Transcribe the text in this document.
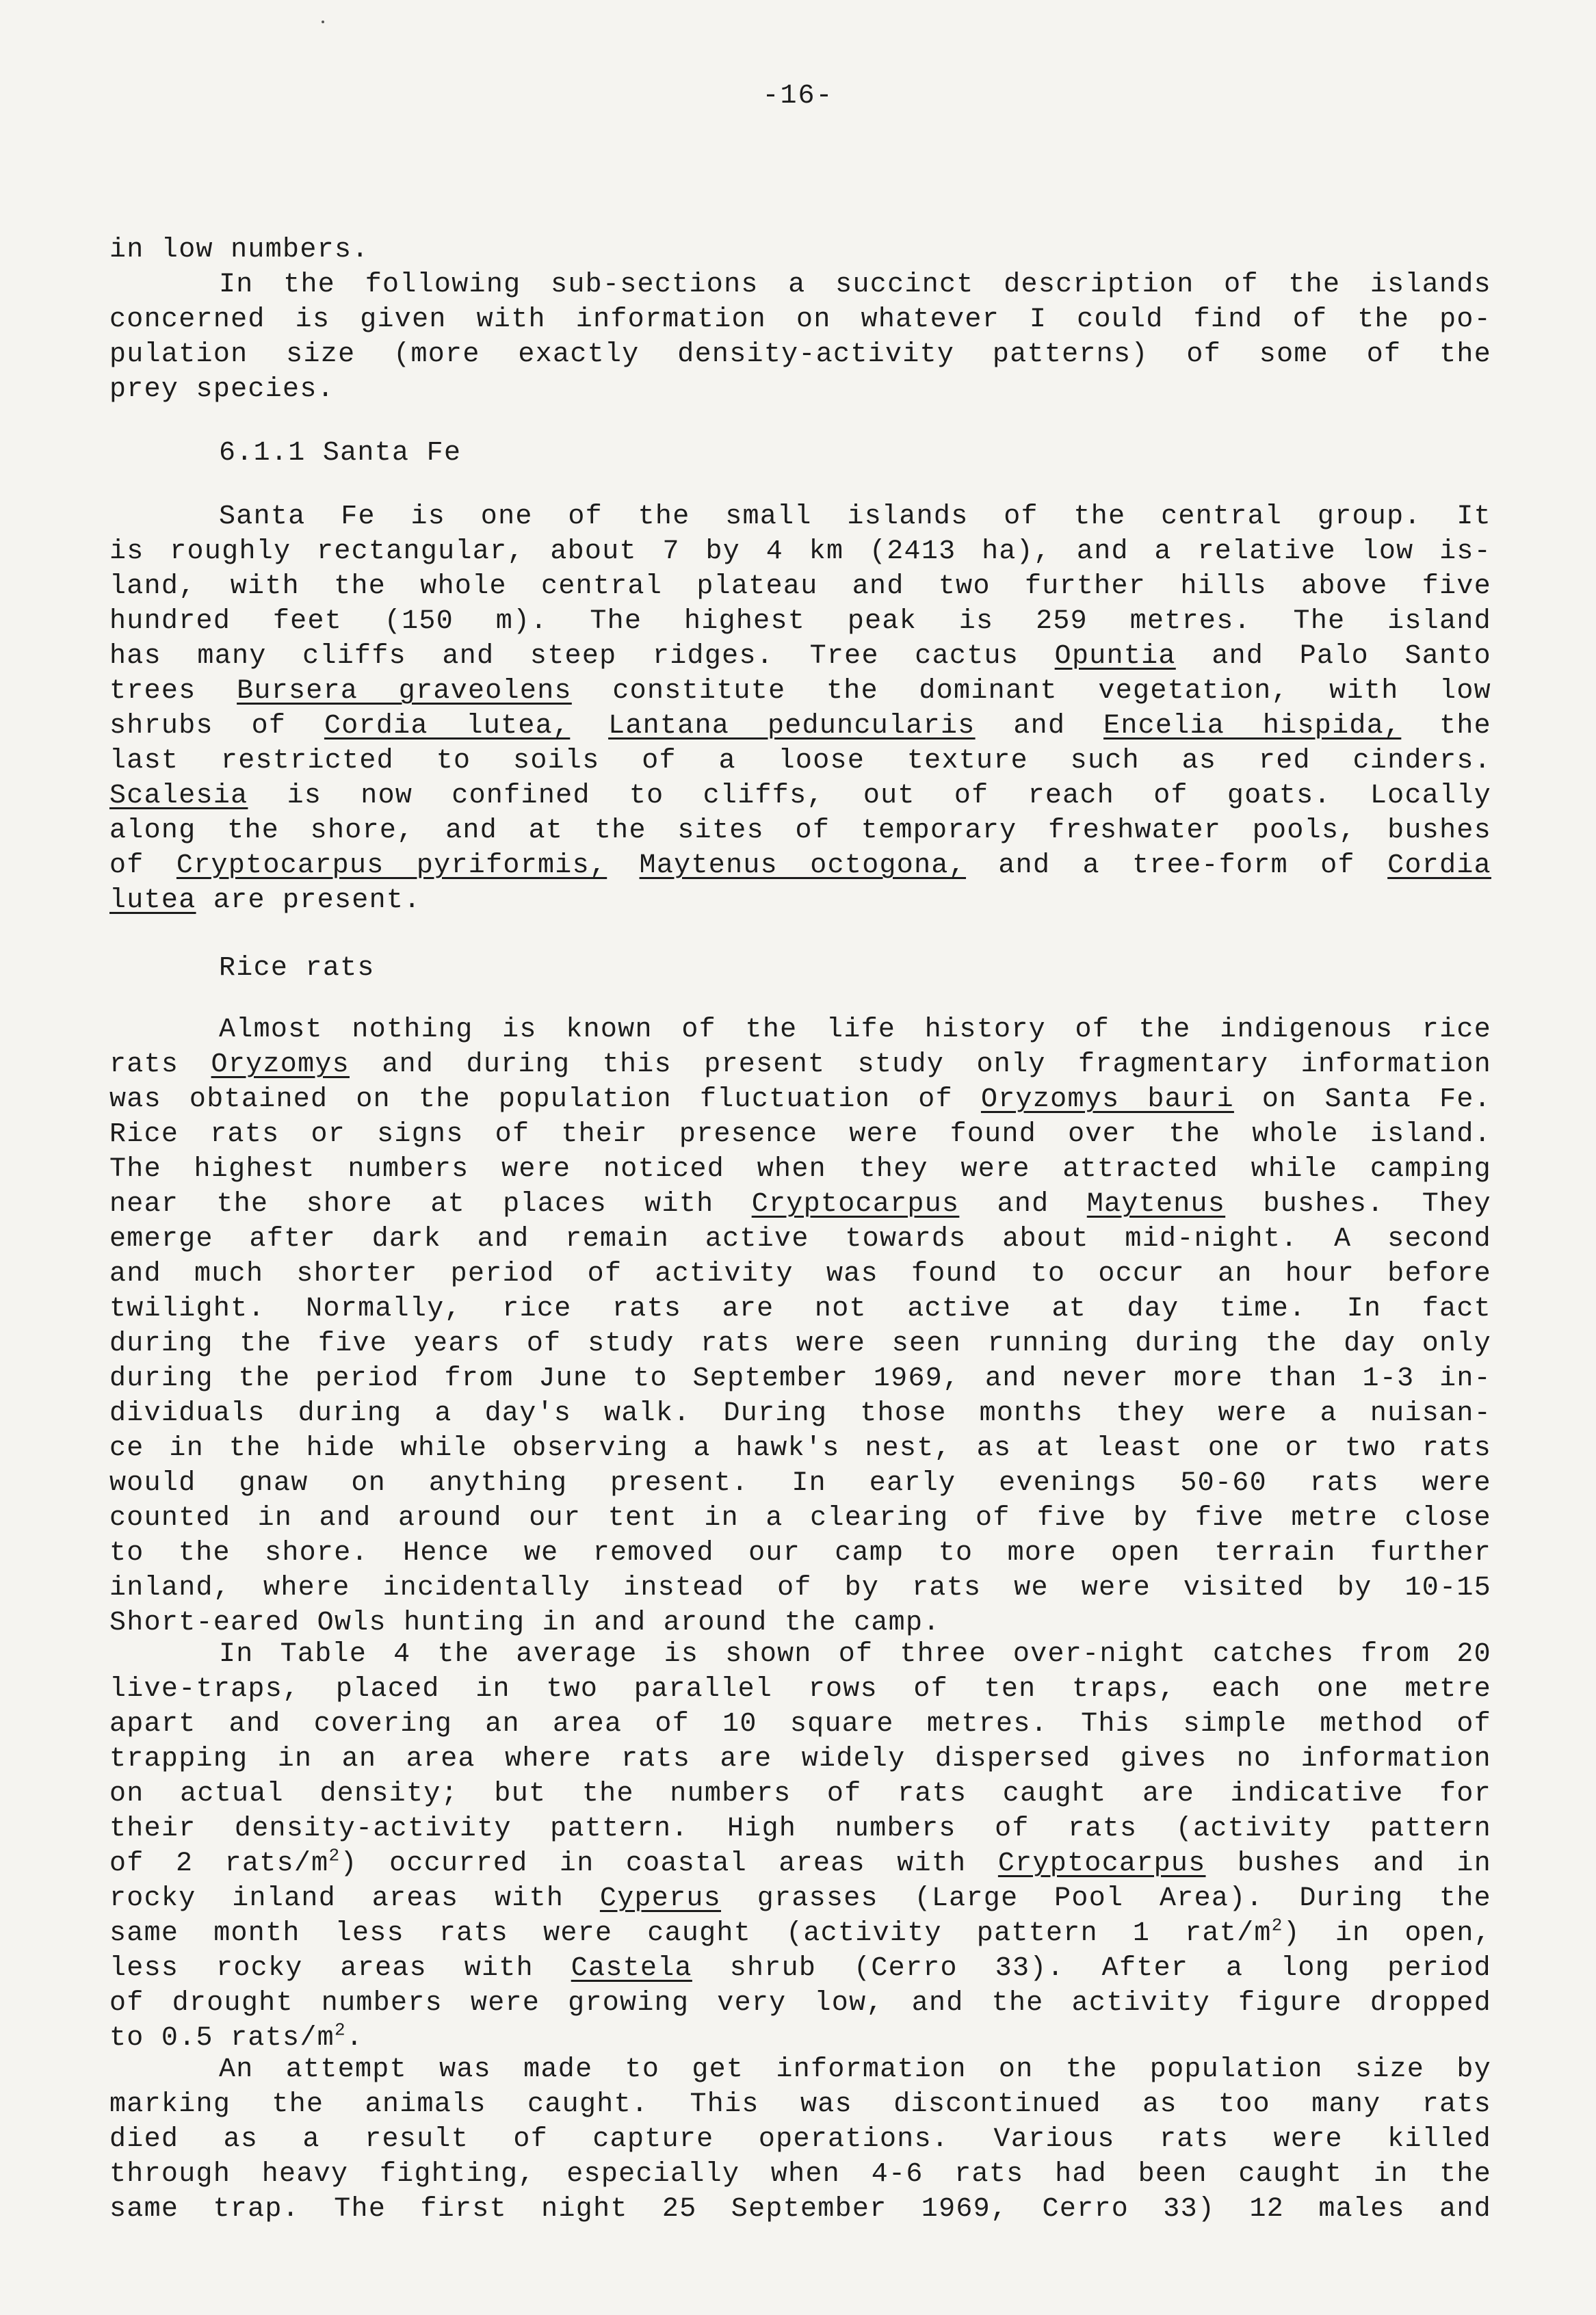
-16-
in low numbers.
In the following sub-sections a succinct description of the islands
concerned is given with information on whatever I could find of the po-
pulation size (more exactly density-activity patterns) of some of the
prey species.
6.1.1 Santa Fe
Santa Fe is one of the small islands of the central group. It
is roughly rectangular, about 7 by 4 km (2413 ha), and a relative low is-
land, with the whole central plateau and two further hills above five
hundred feet (150 m). The highest peak is 259 metres. The island
has many cliffs and steep ridges. Tree cactus Opuntia and Palo Santo
trees Bursera graveolens constitute the dominant vegetation, with low
shrubs of Cordia lutea, Lantana peduncularis and Encelia hispida, the
last restricted to soils of a loose texture such as red cinders.
Scalesia is now confined to cliffs, out of reach of goats. Locally
along the shore, and at the sites of temporary freshwater pools, bushes
of Cryptocarpus pyriformis, Maytenus octogona, and a tree-form of Cordia
lutea are present.
Rice rats
Almost nothing is known of the life history of the indigenous rice
rats Oryzomys and during this present study only fragmentary information
was obtained on the population fluctuation of Oryzomys bauri on Santa Fe.
Rice rats or signs of their presence were found over the whole island.
The highest numbers were noticed when they were attracted while camping
near the shore at places with Cryptocarpus and Maytenus bushes. They
emerge after dark and remain active towards about mid-night. A second
and much shorter period of activity was found to occur an hour before
twilight. Normally, rice rats are not active at day time. In fact
during the five years of study rats were seen running during the day only
during the period from June to September 1969, and never more than 1-3 in-
dividuals during a day's walk. During those months they were a nuisan-
ce in the hide while observing a hawk's nest, as at least one or two rats
would gnaw on anything present. In early evenings 50-60 rats were
counted in and around our tent in a clearing of five by five metre close
to the shore. Hence we removed our camp to more open terrain further
inland, where incidentally instead of by rats we were visited by 10-15
Short-eared Owls hunting in and around the camp.
In Table 4 the average is shown of three over-night catches from 20
live-traps, placed in two parallel rows of ten traps, each one metre
apart and covering an area of 10 square metres. This simple method of
trapping in an area where rats are widely dispersed gives no information
on actual density; but the numbers of rats caught are indicative for
their density-activity pattern. High numbers of rats (activity pattern
of 2 rats/$m^2$) occurred in coastal areas with Cryptocarpus bushes and in
rocky inland areas with Cyperus grasses (Large Pool Area). During the
same month less rats were caught (activity pattern 1 rat/$m^2$) in open,
less rocky areas with Castela shrub (Cerro 33). After a long period
of drought numbers were growing very low, and the activity figure dropped
to 0.5 rats/$m^2$.
An attempt was made to get information on the population size by
marking the animals caught. This was discontinued as too many rats
died as a result of capture operations. Various rats were killed
through heavy fighting, especially when 4-6 rats had been caught in the
same trap. The first night 25 September 1969, Cerro 33) 12 males and
